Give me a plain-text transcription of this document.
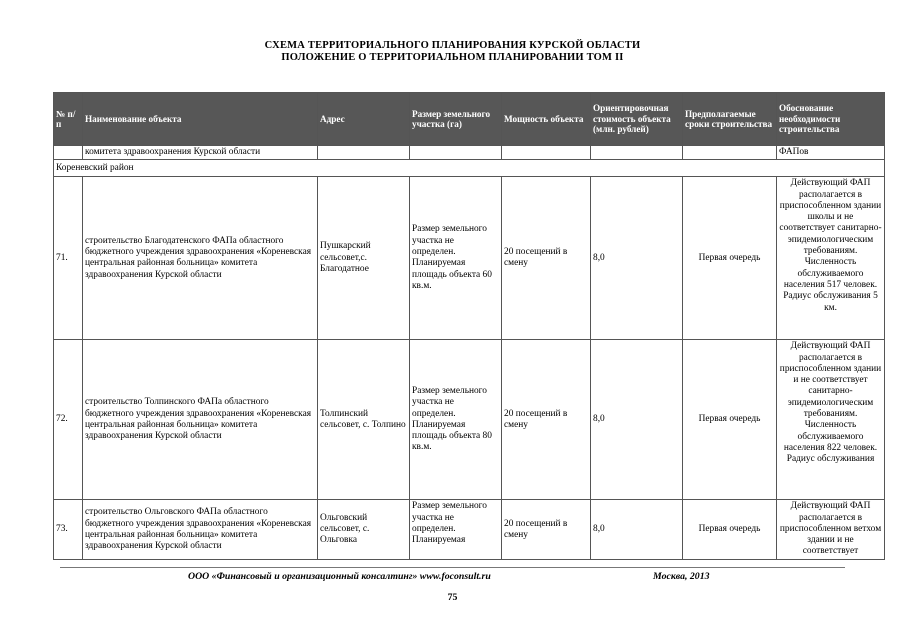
СХЕМА ТЕРРИТОРИАЛЬНОГО ПЛАНИРОВАНИЯ КУРСКОЙ ОБЛАСТИ
ПОЛОЖЕНИЕ О ТЕРРИТОРИАЛЬНОМ ПЛАНИРОВАНИИ ТОМ II
№ п/п	Наименование объекта	Адрес	Размер земельного участка (га)	Мощность объекта	Ориентировочная стоимость объекта (млн. рублей)	Предполагаемые сроки строительства	Обоснование необходимости строительства
	комитета здравоохранения Курской области						ФАПов
Кореневский район							
71.	строительство Благодатенского ФАПа областного бюджетного учреждения здравоохранения «Кореневская центральная районная больница» комитета здравоохранения Курской области	Пушкарский сельсовет,с. Благодатное	Размер земельного участка не определен. Планируемая площадь объекта 60 кв.м.	20 посещений в смену	8,0	Первая очередь	Действующий ФАП располагается в приспособленном здании школы и не соответствует санитарно-эпидемиологическим требованиям. Численность обслуживаемого населения 517 человек. Радиус обслуживания 5 км.
72.	строительство Толпинского ФАПа областного бюджетного учреждения здравоохранения «Кореневская центральная районная больница» комитета здравоохранения Курской области	Толпинский сельсовет, с. Толпино	Размер земельного участка не определен. Планируемая площадь объекта 80 кв.м.	20 посещений в смену	8,0	Первая очередь	Действующий ФАП располагается в приспособленном здании и не соответствует санитарно-эпидемиологическим требованиям. Численность обслуживаемого населения 822 человек. Радиус обслуживания
73.	строительство Ольговского ФАПа областного бюджетного учреждения здравоохранения «Кореневская центральная районная больница» комитета здравоохранения Курской области	Ольговский сельсовет, с. Ольговка	Размер земельного участка не определен. Планируемая	20 посещений в смену	8,0	Первая очередь	Действующий ФАП располагается в приспособленном ветхом здании и не соответствует
ООО «Финансовый и организационный консалтинг» www.foconsult.ru	Москва, 2013
75
